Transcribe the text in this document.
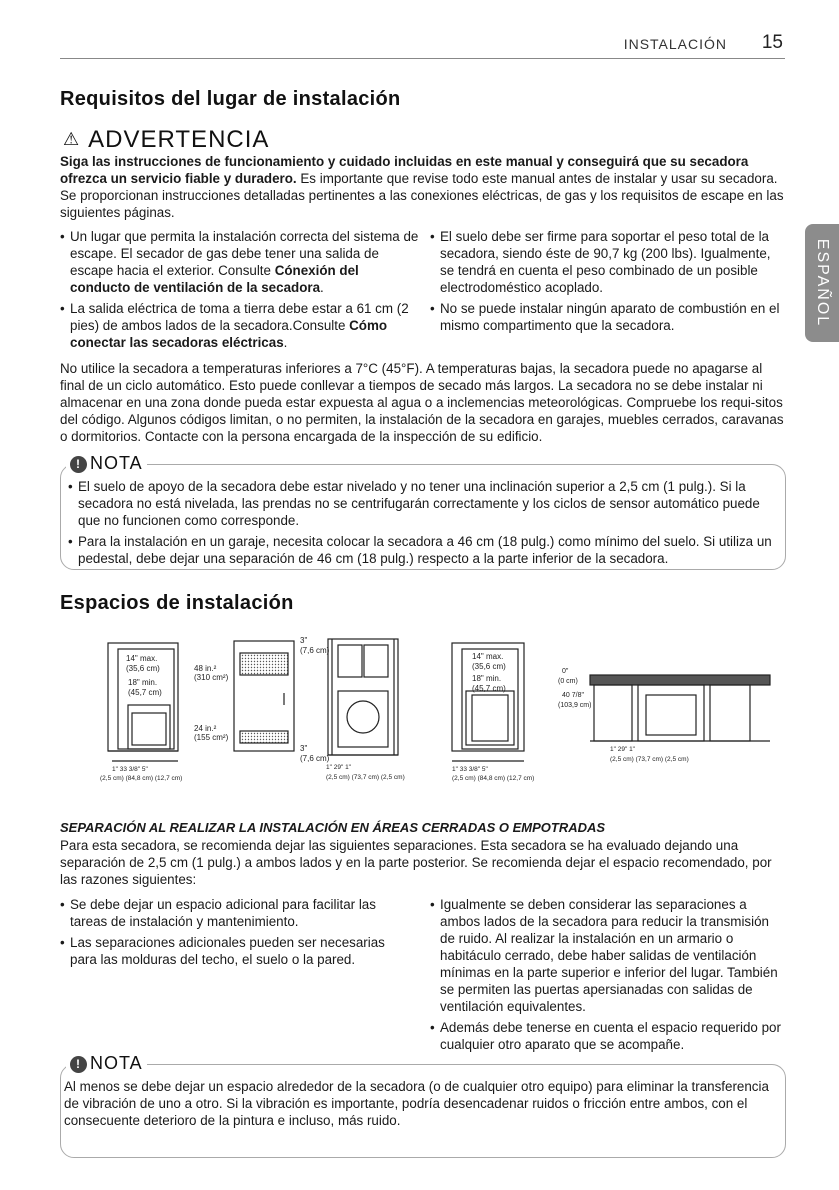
INSTALACIÓN 15
ESPAÑOL
Requisitos del lugar de instalación
⚠ ADVERTENCIA

Siga las instrucciones de funcionamiento y cuidado incluidas en este manual y conseguirá que su secadora ofrezca un servicio fiable y duradero. Es importante que revise todo este manual antes de instalar y usar su secadora. Se proporcionan instrucciones detalladas pertinentes a las conexiones eléctricas, de gas y los requisitos de escape en las siguientes páginas.

• Un lugar que permita la instalación correcta del sistema de escape. El secador de gas debe tener una salida de escape hacia el exterior. Consulte Cónexión del conducto de ventilación de la secadora.
• La salida eléctrica de toma a tierra debe estar a 61 cm (2 pies) de ambos lados de la secadora.Consulte Cómo conectar las secadoras eléctricas.
• El suelo debe ser firme para soportar el peso total de la secadora, siendo éste de 90,7 kg (200 lbs). Igualmente, se tendrá en cuenta el peso combinado de un posible electrodoméstico acoplado.
• No se puede instalar ningún aparato de combustión en el mismo compartimento que la secadora.

No utilice la secadora a temperaturas inferiores a 7°C (45°F). A temperaturas bajas, la secadora puede no apagarse al final de un ciclo automático. Esto puede conllevar a tiempos de secado más largos. La secadora no se debe instalar ni almacenar en una zona donde pueda estar expuesta al agua o a inclemencias meteorológicas. Compruebe los requi-sitos del código. Algunos códigos limitan, o no permiten, la instalación de la secadora en garajes, muebles cerrados, caravanas o dormitorios. Contacte con la persona encargada de la inspección de su edificio.

! NOTA
• El suelo de apoyo de la secadora debe estar nivelado y no tener una inclinación superior a 2,5 cm (1 pulg.). Si la secadora no está nivelada, las prendas no se centrifugarán correctamente y los ciclos de sensor automático puede que no funcionen como corresponde.
• Para la instalación en un garaje, necesita colocar la secadora a 46 cm (18 pulg.) como mínimo del suelo. Si utiliza un pedestal, debe dejar una separación de 46 cm (18 pulg.) respecto a la parte inferior de la secadora.
Espacios de instalación
14" max.
(35,6 cm)
18" min.
(45,7 cm)
1" 33 3/8" 5"
(2,5 cm) (84,8 cm) (12,7 cm)
48 in.²
(310 cm²)
24 in.²
(155 cm²)
3"
(7,6 cm)
3"
(7,6 cm)
1" 29" 1"
(2,5 cm) (73,7 cm) (2,5 cm)
14" max.
(35,6 cm)
18" min.
(45,7 cm)
1" 33 3/8" 5"
(2,5 cm) (84,8 cm) (12,7 cm)
0"
(0 cm)
40 7/8"
(103,9 cm)
1" 29" 1"
(2,5 cm) (73,7 cm) (2,5 cm)
SEPARACIÓN AL REALIZAR LA INSTALACIÓN EN ÁREAS CERRADAS O EMPOTRADAS

Para esta secadora, se recomienda dejar las siguientes separaciones. Esta secadora se ha evaluado dejando una separación de 2,5 cm (1 pulg.) a ambos lados y en la parte posterior. Se recomienda dejar el espacio recomendado, por las razones siguientes:

• Se debe dejar un espacio adicional para facilitar las tareas de instalación y mantenimiento.
• Las separaciones adicionales pueden ser necesarias para las molduras del techo, el suelo o la pared.
• Igualmente se deben considerar las separaciones a ambos lados de la secadora para reducir la transmisión de ruido. Al realizar la instalación en un armario o habitáculo cerrado, debe haber salidas de ventilación mínimas en la parte superior e inferior del lugar. También se permiten las puertas apersianadas con salidas de ventilación equivalentes.
• Además debe tenerse en cuenta el espacio requerido por cualquier otro aparato que se acompañe.
! NOTA

Al menos se debe dejar un espacio alrededor de la secadora (o de cualquier otro equipo) para eliminar la transferencia de vibración de uno a otro. Si la vibración es importante, podría desencadenar ruidos o fricción entre ambos, con el consecuente deterioro de la pintura e incluso, más ruido.
